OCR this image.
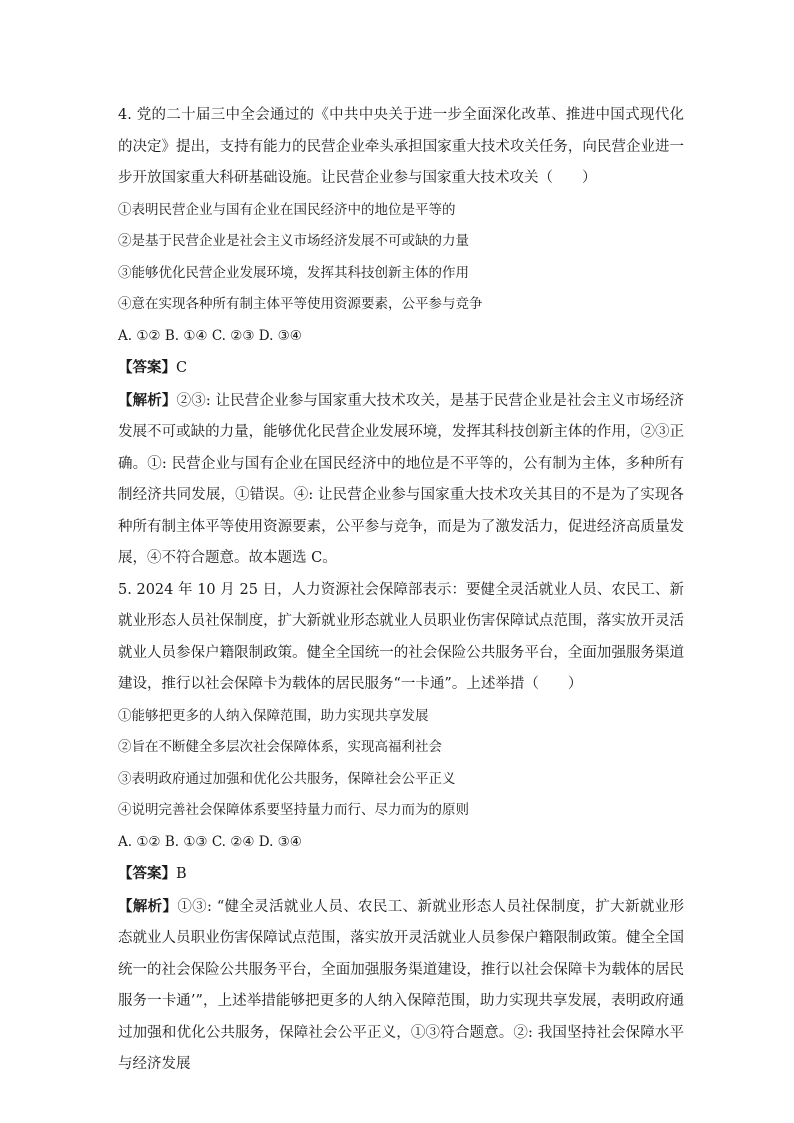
4. 党的二十届三中全会通过的《中共中央关于进一步全面深化改革、推进中国式现代化的决定》提出，支持有能力的民营企业牵头承担国家重大技术攻关任务，向民营企业进一步开放国家重大科研基础设施。让民营企业参与国家重大技术攻关（　　）

①表明民营企业与国有企业在国民经济中的地位是平等的

②是基于民营企业是社会主义市场经济发展不可或缺的力量

③能够优化民营企业发展环境，发挥其科技创新主体的作用

④意在实现各种所有制主体平等使用资源要素，公平参与竞争

A. ①② B. ①④ C. ②③ D. ③④

【答案】C

【解析】②③: 让民营企业参与国家重大技术攻关，是基于民营企业是社会主义市场经济发展不可或缺的力量，能够优化民营企业发展环境，发挥其科技创新主体的作用，②③正确。①: 民营企业与国有企业在国民经济中的地位是不平等的，公有制为主体，多种所有制经济共同发展，①错误。④: 让民营企业参与国家重大技术攻关其目的不是为了实现各种所有制主体平等使用资源要素，公平参与竞争，而是为了激发活力，促进经济高质量发展，④不符合题意。故本题选 C。

5. 2024 年 10 月 25 日，人力资源社会保障部表示：要健全灵活就业人员、农民工、新就业形态人员社保制度，扩大新就业形态就业人员职业伤害保障试点范围，落实放开灵活就业人员参保户籍限制政策。健全全国统一的社会保险公共服务平台，全面加强服务渠道建设，推行以社会保障卡为载体的居民服务“一卡通”。上述举措（　　）

①能够把更多的人纳入保障范围，助力实现共享发展

②旨在不断健全多层次社会保障体系，实现高福利社会

③表明政府通过加强和优化公共服务，保障社会公平正义

④说明完善社会保障体系要坚持量力而行、尽力而为的原则

A. ①② B. ①③ C. ②④ D. ③④

【答案】B

【解析】①③: “健全灵活就业人员、农民工、新就业形态人员社保制度，扩大新就业形态就业人员职业伤害保障试点范围，落实放开灵活就业人员参保户籍限制政策。健全全国统一的社会保险公共服务平台，全面加强服务渠道建设，推行以社会保障卡为载体的居民服务一卡通’”，上述举措能够把更多的人纳入保障范围，助力实现共享发展，表明政府通过加强和优化公共服务，保障社会公平正义，①③符合题意。②: 我国坚持社会保障水平与经济发展
